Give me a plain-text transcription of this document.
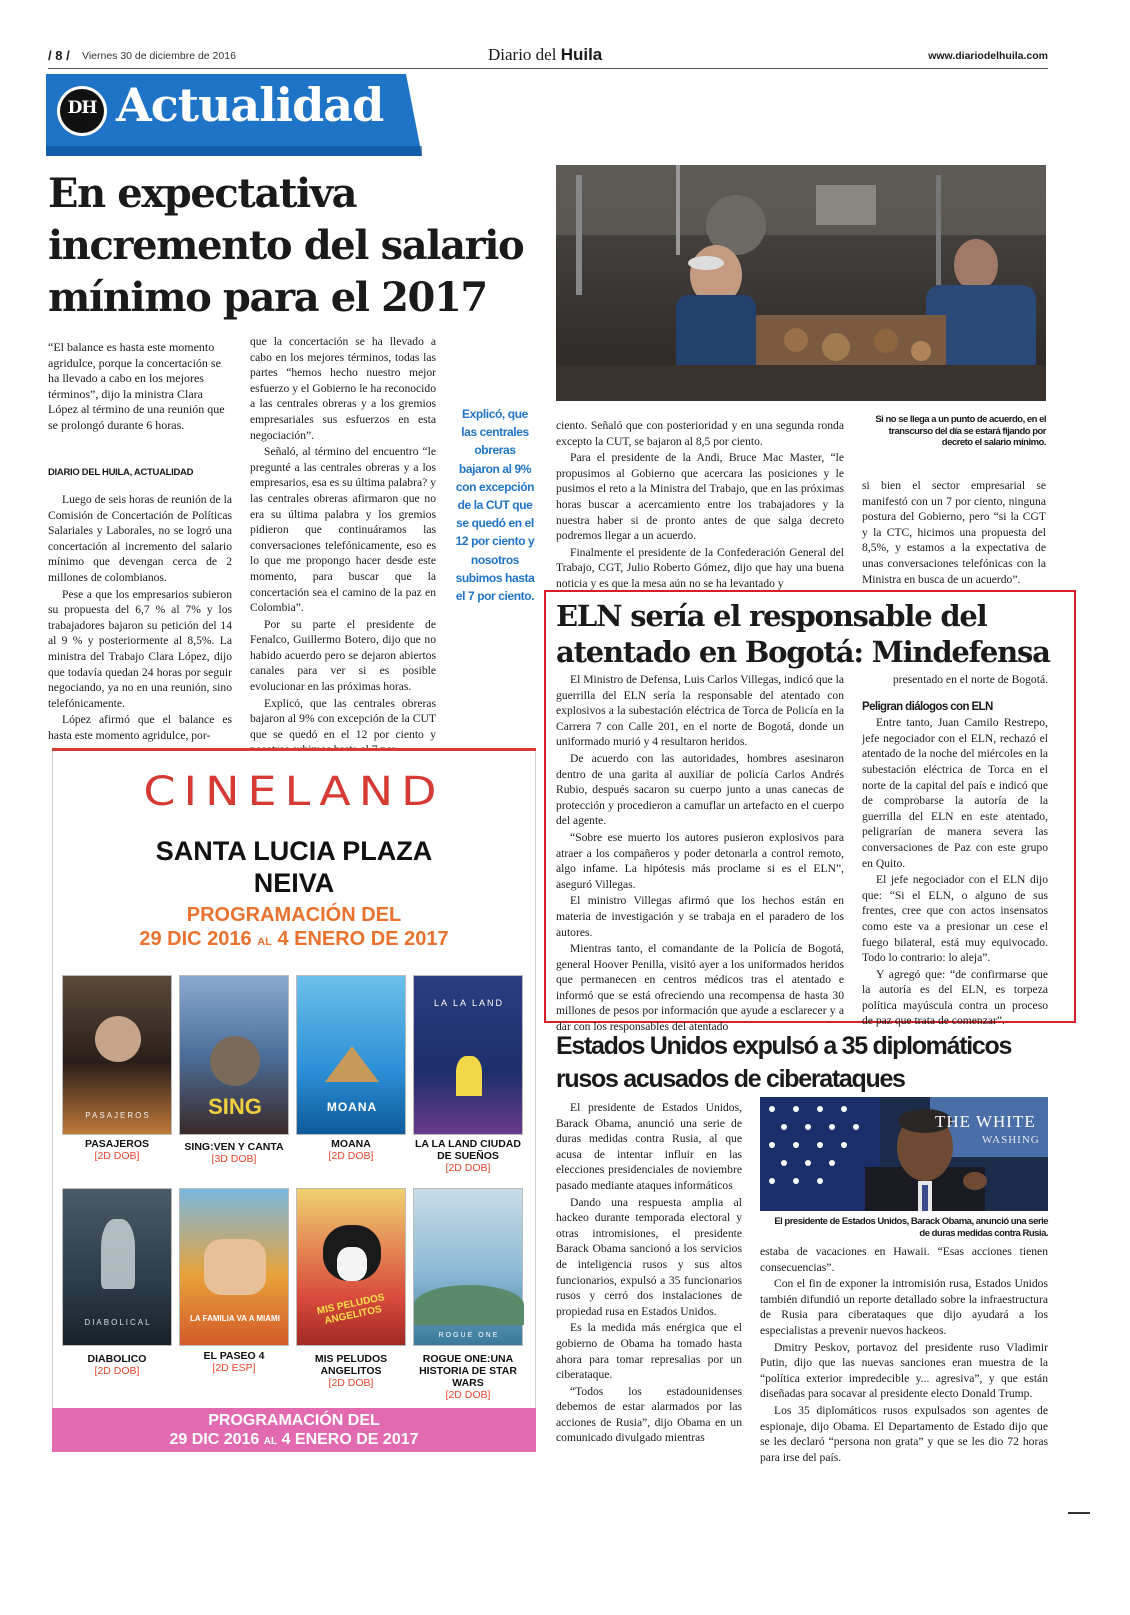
/ 8 / Viernes 30 de diciembre de 2016	Diario del Huila	www.diariodelhuila.com
DH Actualidad
En expectativa
incremento del salario
mínimo para el 2017
“El balance es hasta este momento agridulce, porque la concertación se ha llevado a cabo en los mejores términos”, dijo la ministra Clara López al término de una reunión que se prolongó durante 6 horas.
DIARIO DEL HUILA, ACTUALIDAD

Luego de seis horas de reunión de la Comisión de Concertación de Políticas Salariales y Laborales, no se logró una concertación al incremento del salario mínimo que devengan cerca de 2 millones de colombianos.

Pese a que los empresarios subieron su propuesta del 6,7 % al 7% y los trabajadores bajaron su petición del 14 al 9 % y posteriormente al 8,5%. La ministra del Trabajo Clara López, dijo que todavía quedan 24 horas por seguir negociando, ya no en una reunión, sino telefónicamente.

López afirmó que el balance es hasta este momento agridulce, por-

que la concertación se ha llevado a cabo en los mejores términos, todas las partes “hemos hecho nuestro mejor esfuerzo y el Gobierno le ha reconocido a las centrales obreras y a los gremios empresariales sus esfuerzos en esta negociación”.

Señaló, al término del encuentro “le pregunté a las centrales obreras y a los empresarios, esa es su última palabra? y las centrales obreras afirmaron que no era su última palabra y los gremios pidieron que continuáramos las conversaciones telefónicamente, eso es lo que me propongo hacer desde este momento, para buscar que la concertación sea el camino de la paz en Colombia”.

Por su parte el presidente de Fenalco, Guillermo Botero, dijo que no habido acuerdo pero se dejaron abiertos canales para ver si es posible evolucionar en las próximas horas.

Explicó, que las centrales obreras bajaron al 9% con excepción de la CUT que se quedó en el 12 por ciento y

Explicó, que las centrales obreras bajaron al 9% con excepción de la CUT que se quedó en el 12 por ciento y nosotros subimos hasta el 7 por ciento.
Si no se llega a un punto de acuerdo, en el transcurso del día se estará fijando por decreto el salario mínimo.

ciento. Señaló que con posterioridad y en una segunda ronda excepto la CUT, se bajaron al 8,5 por ciento.

Para el presidente de la Andi, Bruce Mac Master, “le propusimos al Gobierno que acercara las posiciones y le pusimos el reto a la Ministra del Trabajo, que en las próximas horas buscar a acercamiento entre los trabajadores y la nuestra haber si de pronto antes de que salga decreto podremos llegar a un acuerdo.

Finalmente el presidente de la Confederación General del Trabajo, CGT, Julio Roberto Gómez, dijo que hay una buena noticia y es que la mesa aún no se ha levantado y

si bien el sector empresarial se manifestó con un 7 por ciento, ninguna postura del Gobierno, pero “si la CGT y la CTC, hicimos una propuesta del 8,5%, y estamos a la expectativa de unas conversaciones telefónicas con la Ministra en busca de un acuerdo”.

ELN sería el responsable del
atentado en Bogotá: Mindefensa

El Ministro de Defensa, Luis Carlos Villegas, indicó que la guerrilla del ELN sería la responsable del atentado con explosivos a la subestación eléctrica de Torca de Policía en la Carrera 7 con Calle 201, en el norte de Bogotá, donde un uniformado murió y 4 resultaron heridos.

De acuerdo con las autoridades, hombres asesinaron dentro de una garita al auxiliar de policía Carlos Andrés Rubio, después sacaron su cuerpo junto a unas canecas de protección y procedieron a camuflar un artefacto en el cuerpo del agente.

“Sobre ese muerto los autores pusieron explosivos para atraer a los compañeros y poder detonarla a control remoto, algo infame. La hipótesis más proclame si es el ELN”, aseguró Villegas.

El ministro Villegas afirmó que los hechos están en materia de investigación y se trabaja en el paradero de los autores.

Mientras tanto, el comandante de la Policía de Bogotá, general Hoover Penilla, visitó ayer a los uniformados heridos que permanecen en centros médicos tras el atentado e informó que se está ofreciendo una recompensa de hasta 30 millones de pesos por información que ayude a esclarecer y a dar con los responsables del atentado

presentado en el norte de Bogotá.

Peligran diálogos con ELN

Entre tanto, Juan Camilo Restrepo, jefe negociador con el ELN, rechazó el atentado de la noche del miércoles en la subestación eléctrica de Torca en el norte de la capital del país e indicó que de comprobarse la autoría de la guerrilla del ELN en este atentado, peligrarían de manera severa las conversaciones de Paz con este grupo en Quito.

El jefe negociador con el ELN dijo que: “Si el ELN, o alguno de sus frentes, cree que con actos insensatos como este va a presionar un cese el fuego bilateral, está muy equivocado. Todo lo contrario: lo aleja”.

Y agregó que: “de confirmarse que la autoría es del ELN, es torpeza política mayúscula contra un proceso de paz que trata de comenzar”.

Estados Unidos expulsó a 35 diplomáticos
rusos acusados de ciberataques

El presidente de Estados Unidos, Barack Obama, anunció una serie de duras medidas contra Rusia, al que acusa de intentar influir en las elecciones presidenciales de noviembre pasado mediante ataques informáticos

Dando una respuesta amplia al hackeo durante temporada electoral y otras intromisiones, el presidente Barack Obama sancionó a los servicios de inteligencia rusos y sus altos funcionarios, expulsó a 35 funcionarios rusos y cerró dos instalaciones de propiedad rusa en Estados Unidos.

Es la medida más enérgica que el gobierno de Obama ha tomado hasta ahora para tomar represalias por un ciberataque.

“Todos los estadounidenses debemos de estar alarmados por las acciones de Rusia”, dijo Obama en un comunicado divulgado mientras

THE WHITE
WASHING
El presidente de Estados Unidos, Barack Obama, anunció una serie de duras medidas contra Rusia.

estaba de vacaciones en Hawaii. “Esas acciones tienen consecuencias”.

Con el fin de exponer la intromisión rusa, Estados Unidos también difundió un reporte detallado sobre la infraestructura de Rusia para ciberataques que dijo ayudará a los especialistas a prevenir nuevos hackeos.

Dmitry Peskov, portavoz del presidente ruso Vladimir Putin, dijo que las nuevas sanciones eran muestra de la “política exterior impredecible y... agresiva”, y que están diseñadas para socavar al presidente electo Donald Trump.

Los 35 diplomáticos rusos expulsados son agentes de espionaje, dijo Obama. El Departamento de Estado dijo que se les declaró “persona non grata” y que se les dio 72 horas para irse del país.

CINELAND
SANTA LUCIA PLAZA
NEIVA
PROGRAMACIÓN DEL
29 DIC 2016 AL 4 ENERO DE 2017
PASAJEROS	SING	MOANA
LA LA LAND
PASAJEROS
[2D DOB]
SING:VEN Y CANTA
[3D DOB]
MOANA
[2D DOB]
LA LA LAND CIUDAD DE SUEÑOS
[2D DOB]
DIABOLICAL	LA FAMILIA VA A MIAMI
MIS PELUDOS ANGELITOS
ROGUE ONE
DIABOLICO
[2D DOB]
EL PASEO 4
[2D ESP]
MIS PELUDOS ANGELITOS
[2D DOB]
ROGUE ONE:UNA HISTORIA DE STAR WARS
[2D DOB]
PROGRAMACIÓN DEL
29 DIC 2016 AL 4 ENERO DE 2017
